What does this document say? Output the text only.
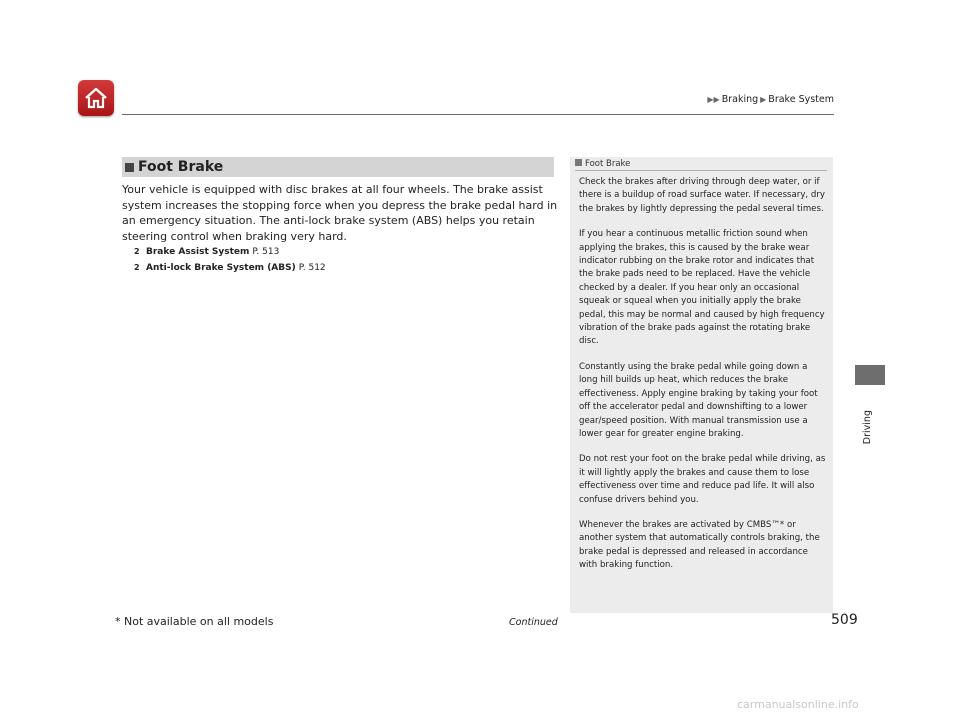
▶▶ Braking ▶ Brake System
Driving
Foot Brake
Your vehicle is equipped with disc brakes at all four wheels. The brake assist system increases the stopping force when you depress the brake pedal hard in an emergency situation. The anti-lock brake system (ABS) helps you retain steering control when braking very hard.
2 Brake Assist System P. 513
2 Anti-lock Brake System (ABS) P. 512
Foot Brake

Check the brakes after driving through deep water, or if there is a buildup of road surface water. If necessary, dry the brakes by lightly depressing the pedal several times.

If you hear a continuous metallic friction sound when applying the brakes, this is caused by the brake wear indicator rubbing on the brake rotor and indicates that the brake pads need to be replaced. Have the vehicle checked by a dealer. If you hear only an occasional squeak or squeal when you initially apply the brake pedal, this may be normal and caused by high frequency vibration of the brake pads against the rotating brake disc.

Constantly using the brake pedal while going down a long hill builds up heat, which reduces the brake effectiveness. Apply engine braking by taking your foot off the accelerator pedal and downshifting to a lower gear/speed position. With manual transmission use a lower gear for greater engine braking.

Do not rest your foot on the brake pedal while driving, as it will lightly apply the brakes and cause them to lose effectiveness over time and reduce pad life. It will also confuse drivers behind you.

Whenever the brakes are activated by CMBS™* or another system that automatically controls braking, the brake pedal is depressed and released in accordance with braking function.

Continued
* Not available on all models	509
carmanualsonline.info
